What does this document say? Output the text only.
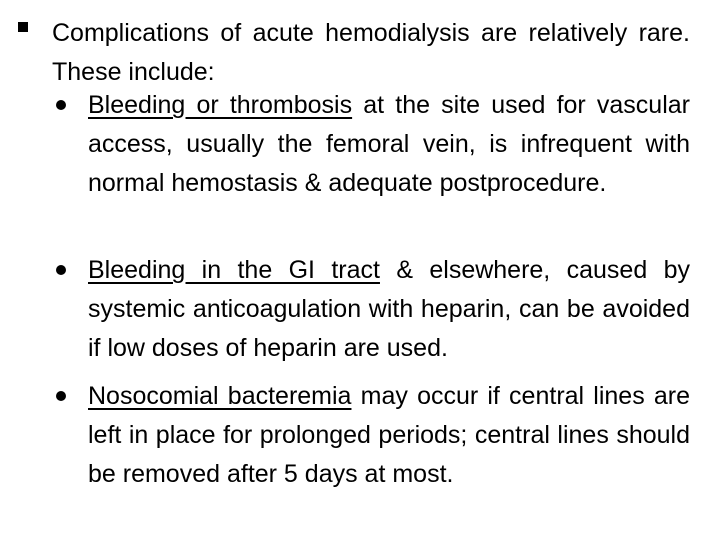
Complications of acute hemodialysis are relatively rare. These include:
Bleeding or thrombosis at the site used for vascular access, usually the femoral vein, is infrequent with normal hemostasis & adequate postprocedure.
Bleeding in the GI tract & elsewhere, caused by systemic anticoagulation with heparin, can be avoided if low doses of heparin are used.
Nosocomial bacteremia may occur if central lines are left in place for prolonged periods; central lines should be removed after 5 days at most.
